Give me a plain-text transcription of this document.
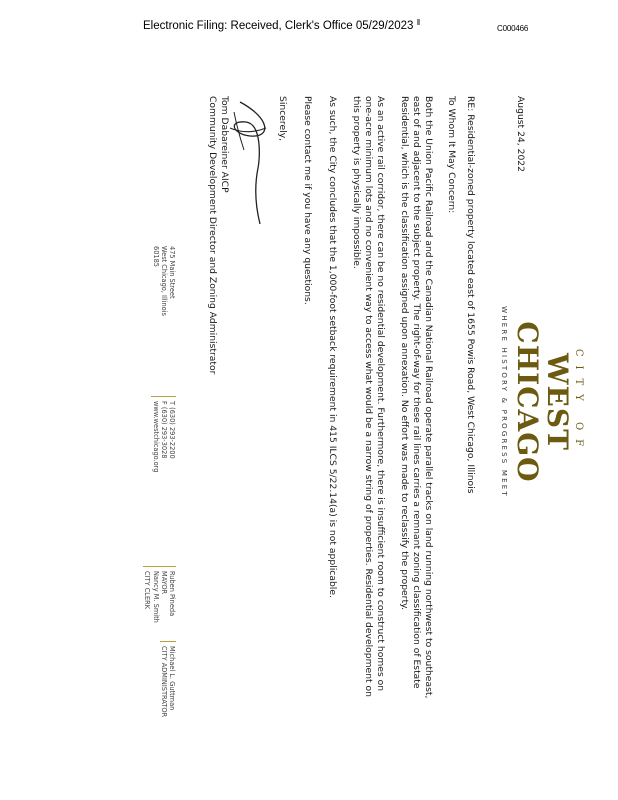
Electronic Filing: Received, Clerk's Office 05/29/2023	C000466
CITY OF
WEST CHICAGO
WHERE HISTORY & PROGRESS MEET
August 24, 2022
RE: Residential-zoned property located east of 1655 Powis Road, West Chicago, Illinois
To Whom It May Concern:
Both the Union Pacific Railroad and the Canadian National Railroad operate parallel tracks on land running northwest to southeast, east of and adjacent to the subject property. The right-of-way for these rail lines carries a remnant zoning classification of Estate Residential, which is the classification assigned upon annexation. No effort was made to reclassify the property.
As an active rail corridor, there can be no residential development. Furthermore, there is insufficient room to construct homes on one-acre minimum lots and no convenient way to access what would be a narrow string of properties. Residential development on this property is physically impossible.
As such, the City concludes that the 1,000-foot setback requirement in 415 ILCS 5/22.14(a) is not applicable.
Please contact me if you have any questions.
Sincerely,
Tom Dabareiner AICP
Community Development Director and Zoning Administrator
475 Main Street
West Chicago, Illinois
60185
T (630) 293-2200
F (630) 293-3028
www.westchicago.org
Ruben Pineda
MAYOR
Nancy M. Smith
CITY CLERK
Michael L. Guttman
CITY ADMINISTRATOR
